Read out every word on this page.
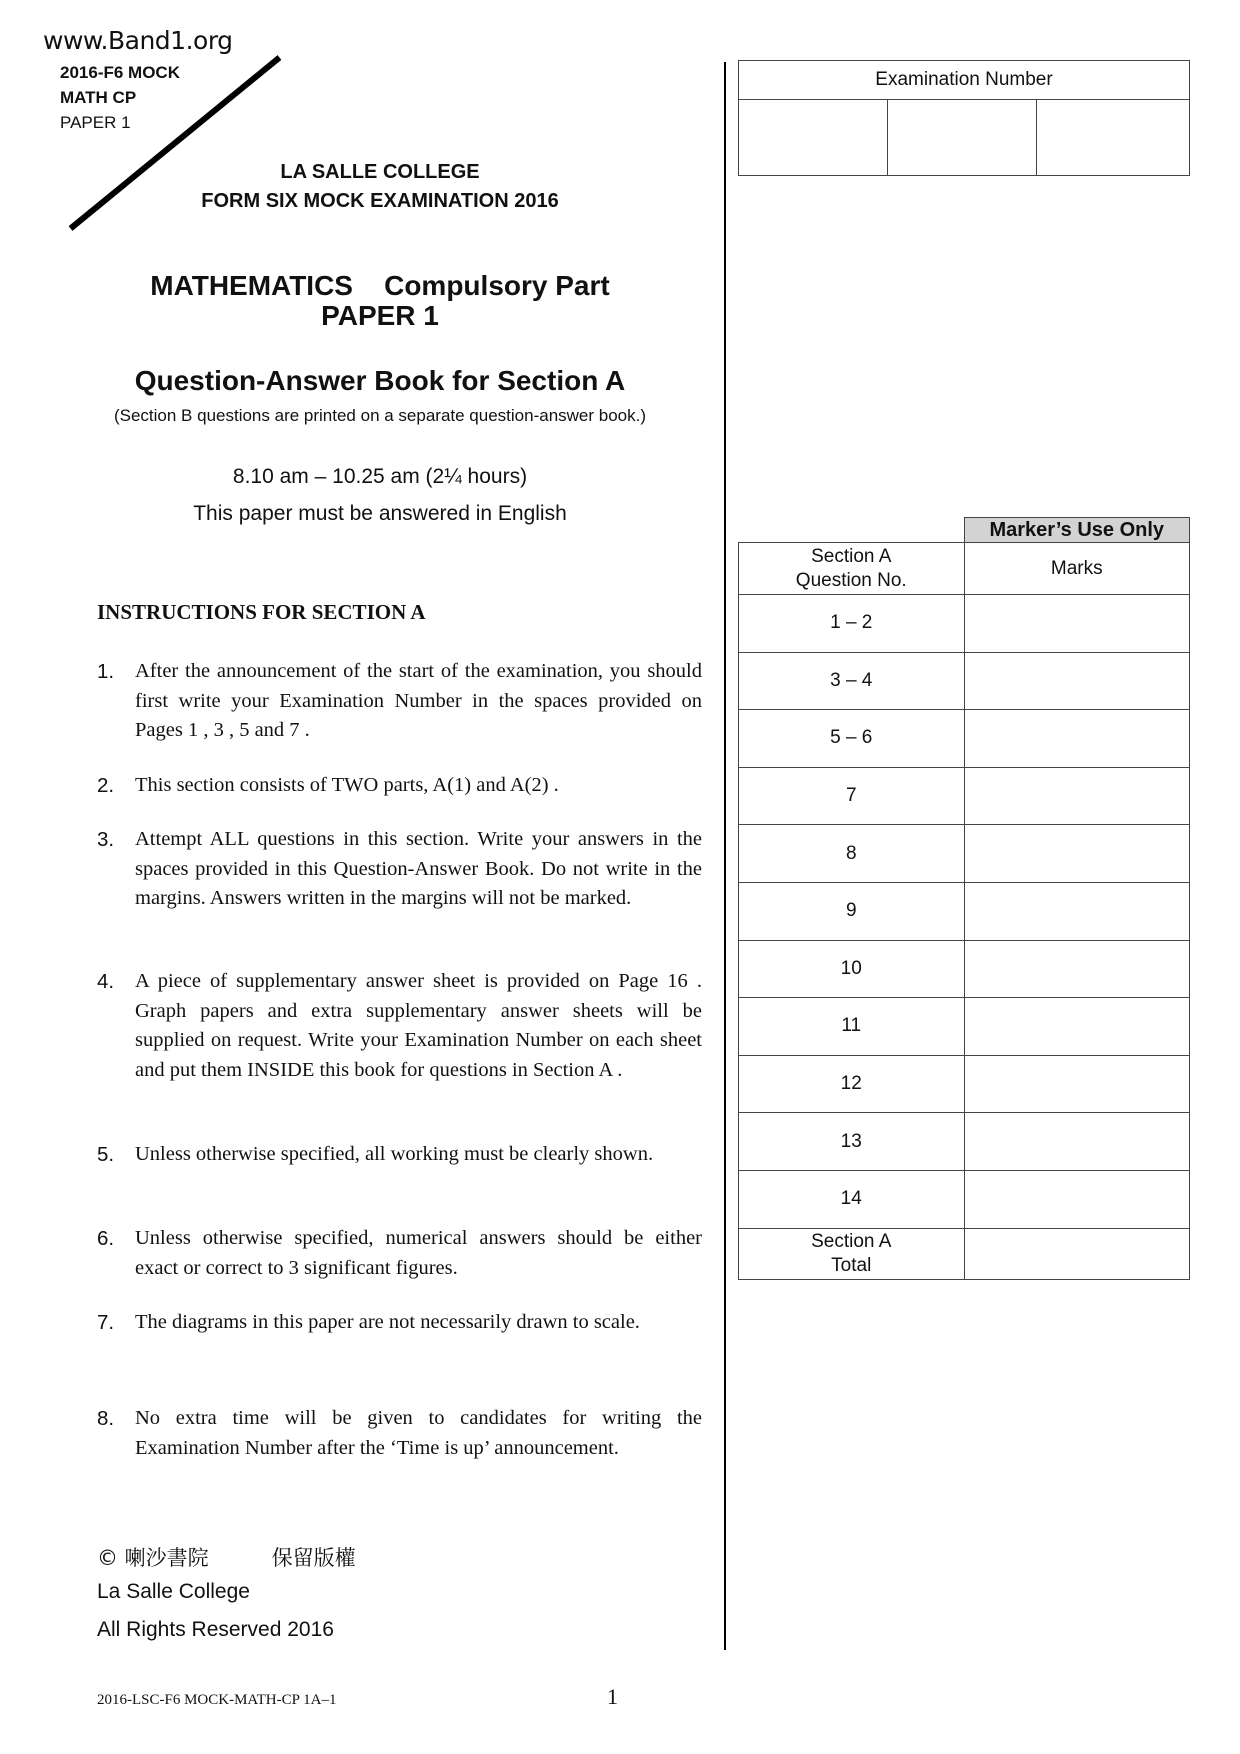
www.Band1.org
2016-F6 MOCK
MATH CP
PAPER 1
LA SALLE COLLEGE
FORM SIX MOCK EXAMINATION 2016
MATHEMATICS Compulsory Part
PAPER 1
Question-Answer Book for Section A
(Section B questions are printed on a separate question-answer book.)
8.10 am – 10.25 am (2¼ hours)
This paper must be answered in English
INSTRUCTIONS FOR SECTION A
1. After the announcement of the start of the examination, you should first write your Examination Number in the spaces provided on Pages 1 , 3 , 5 and 7 .
2. This section consists of TWO parts, A(1) and A(2) .
3. Attempt ALL questions in this section. Write your answers in the spaces provided in this Question-Answer Book. Do not write in the margins. Answers written in the margins will not be marked.
4. A piece of supplementary answer sheet is provided on Page 16 . Graph papers and extra supplementary answer sheets will be supplied on request. Write your Examination Number on each sheet and put them INSIDE this book for questions in Section A .
5. Unless otherwise specified, all working must be clearly shown.
6. Unless otherwise specified, numerical answers should be either exact or correct to 3 significant figures.
7. The diagrams in this paper are not necessarily drawn to scale.
8. No extra time will be given to candidates for writing the Examination Number after the ‘Time is up’ announcement.
© 喇沙書院　　　保留版權
La Salle College
All Rights Reserved 2016
2016-LSC-F6 MOCK-MATH-CP 1A–1	1
Examination Number

	Marker’s Use Only
Section A
Question No.	Marks
1 – 2	
3 – 4	
5 – 6	
7	
8	
9	
10	
11	
12	
13	
14	
Section A
Total	
